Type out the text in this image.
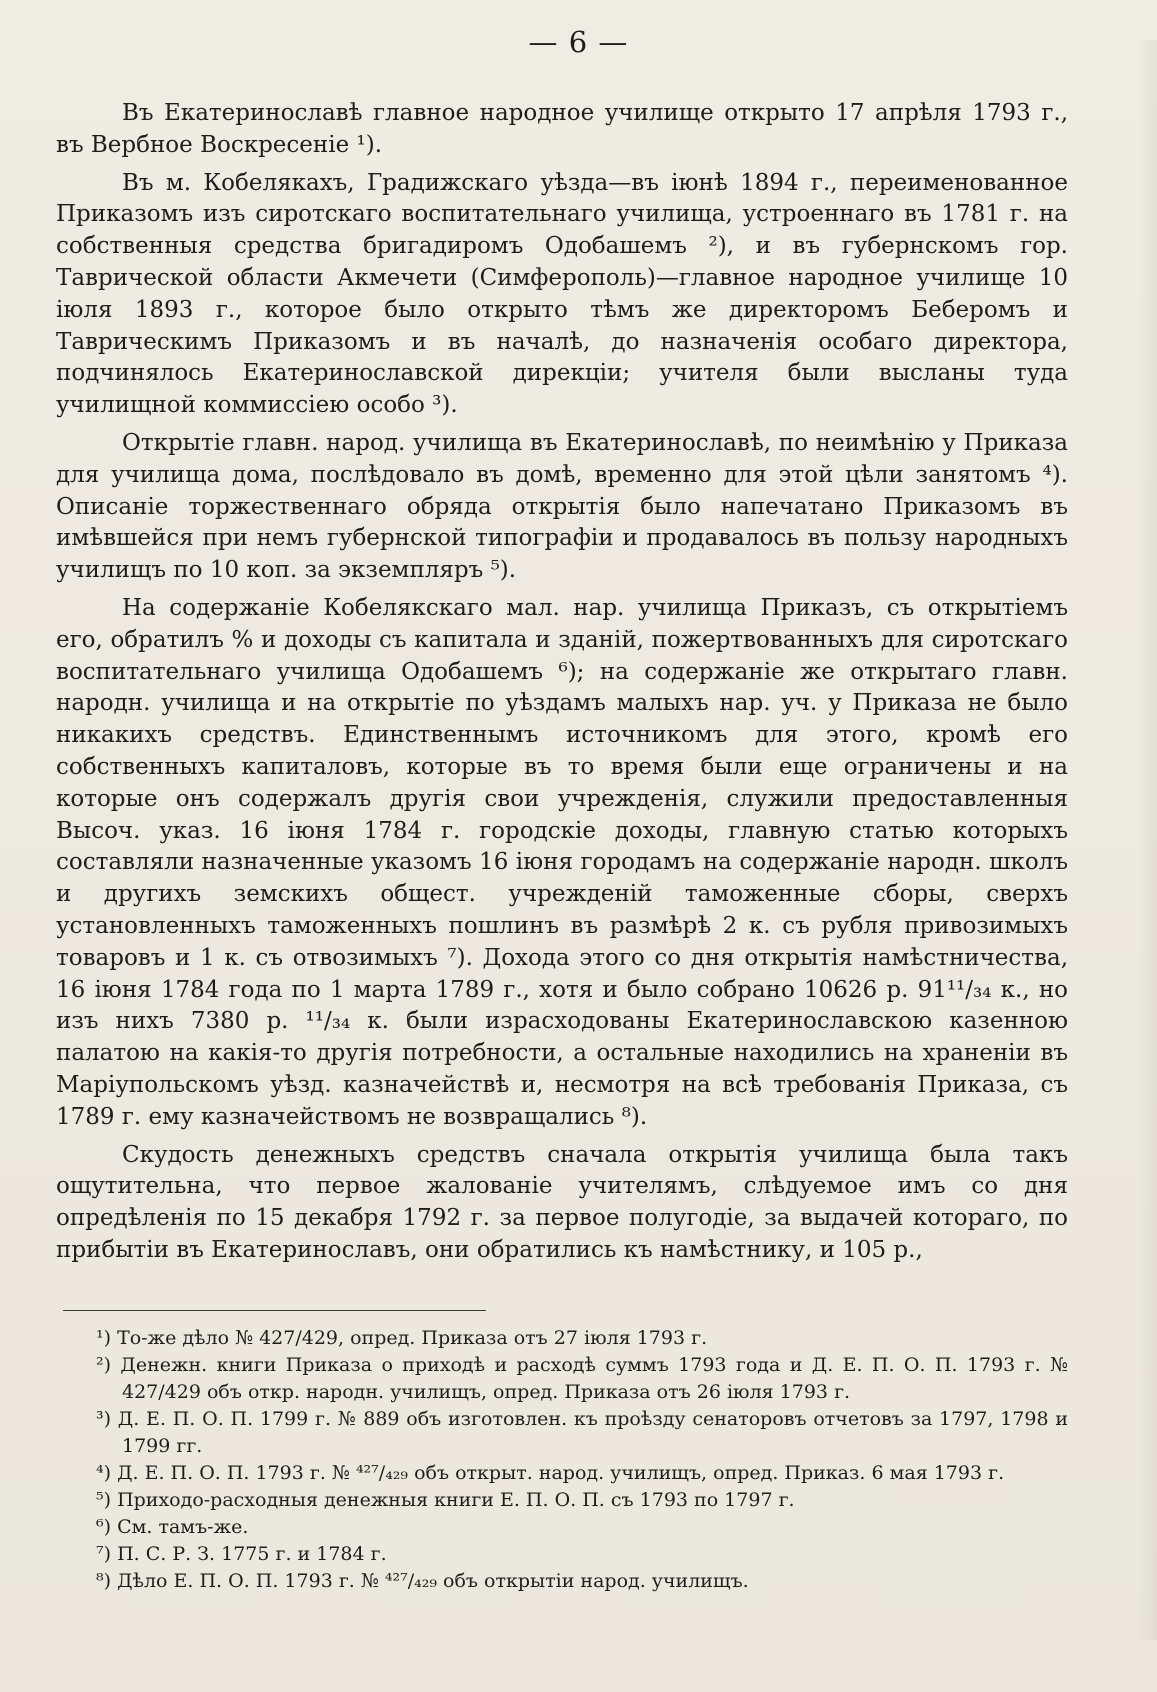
— 6 —

Въ Екатеринославѣ главное народное училище открыто 17 апрѣля 1793 г., въ Вербное Воскресеніе ¹).

Въ м. Кобелякахъ, Градижскаго уѣзда—въ іюнѣ 1894 г., переименованное Приказомъ изъ сиротскаго воспитательнаго училища, устроеннаго въ 1781 г. на собственныя средства бригадиромъ Одобашемъ ²), и въ губернскомъ гор. Таврической области Акмечети (Симферополь)—главное народное училище 10 іюля 1893 г., которое было открыто тѣмъ же директоромъ Беберомъ и Таврическимъ Приказомъ и въ началѣ, до назначенія особаго директора, подчинялось Екатеринославской дирекціи; учителя были высланы туда училищной коммиссіею особо ³).

Открытіе главн. народ. училища въ Екатеринославѣ, по неимѣнію у Приказа для училища дома, послѣдовало въ домѣ, временно для этой цѣли занятомъ ⁴). Описаніе торжественнаго обряда открытія было напечатано Приказомъ въ имѣвшейся при немъ губернской типографіи и продавалось въ пользу народныхъ училищъ по 10 коп. за экземпляръ ⁵).

На содержаніе Кобелякскаго мал. нар. училища Приказъ, съ открытіемъ его, обратилъ % и доходы съ капитала и зданій, пожертвованныхъ для сиротскаго воспитательнаго училища Одобашемъ ⁶); на содержаніе же открытаго главн. народн. училища и на открытіе по уѣздамъ малыхъ нар. уч. у Приказа не было никакихъ средствъ. Единственнымъ источникомъ для этого, кромѣ его собственныхъ капиталовъ, которые въ то время были еще ограничены и на которые онъ содержалъ другія свои учрежденія, служили предоставленныя Высоч. указ. 16 іюня 1784 г. городскіе доходы, главную статью которыхъ составляли назначенные указомъ 16 іюня городамъ на содержаніе народн. школъ и другихъ земскихъ общест. учрежденій таможенные сборы, сверхъ установленныхъ таможенныхъ пошлинъ въ размѣрѣ 2 к. съ рубля привозимыхъ товаровъ и 1 к. съ отвозимыхъ ⁷). Дохода этого со дня открытія намѣстничества, 16 іюня 1784 года по 1 марта 1789 г., хотя и было собрано 10626 р. 91¹¹/₃₄ к., но изъ нихъ 7380 р. ¹¹/₃₄ к. были израсходованы Екатеринославскою казенною палатою на какія-то другія потребности, а остальные находились на храненіи въ Маріупольскомъ уѣзд. казначействѣ и, несмотря на всѣ требованія Приказа, съ 1789 г. ему казначействомъ не возвращались ⁸).

Скудость денежныхъ средствъ сначала открытія училища была такъ ощутительна, что первое жалованіе учителямъ, слѣдуемое имъ со дня опредѣленія по 15 декабря 1792 г. за первое полугодіе, за выдачей котораго, по прибытіи въ Екатеринославъ, они обратились къ намѣстнику, и 105 р.,

¹) То-же дѣло № 427/429, опред. Приказа отъ 27 іюля 1793 г.

²) Денежн. книги Приказа о приходѣ и расходѣ суммъ 1793 года и Д. Е. П. О. П. 1793 г. № 427/429 объ откр. народн. училищъ, опред. Приказа отъ 26 іюля 1793 г.

³) Д. Е. П. О. П. 1799 г. № 889 объ изготовлен. къ проѣзду сенаторовъ отчетовъ за 1797, 1798 и 1799 гг.

⁴) Д. Е. П. О. П. 1793 г. № ⁴²⁷/₄₂₉ объ открыт. народ. училищъ, опред. Приказ. 6 мая 1793 г.

⁵) Приходо-расходныя денежныя книги Е. П. О. П. съ 1793 по 1797 г.

⁶) См. тамъ-же.

⁷) П. С. Р. З. 1775 г. и 1784 г.

⁸) Дѣло Е. П. О. П. 1793 г. № ⁴²⁷/₄₂₉ объ открытіи народ. училищъ.
